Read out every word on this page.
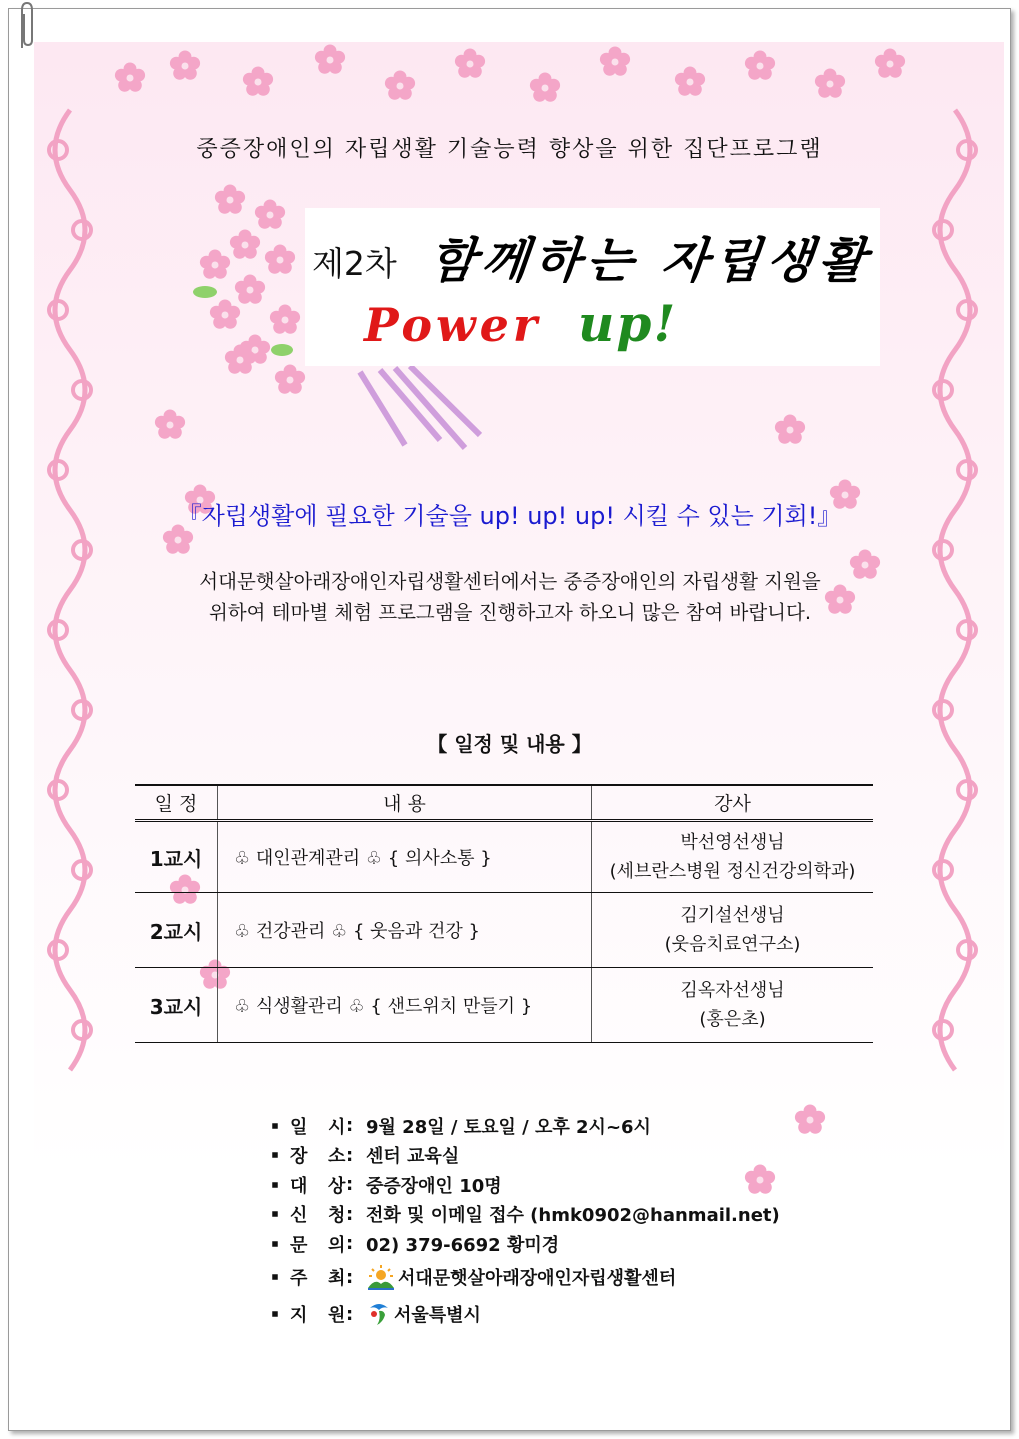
중증장애인의 자립생활 기술능력 향상을 위한 집단프로그램
제2차 함께하는 자립생활
Power up!
『자립생활에 필요한 기술을 up! up! up! 시킬 수 있는 기회!』
서대문햇살아래장애인자립생활센터에서는 중증장애인의 자립생활 지원을
위하여 테마별 체험 프로그램을 진행하고자 하오니 많은 참여 바랍니다.
【 일정 및 내용 】
일 정	내 용	강사
1교시	♧ 대인관계관리 ♧ { 의사소통 }	박선영선생님
(세브란스병원 정신건강의학과)

2교시	♧ 건강관리 ♧ { 웃음과 건강 }	김기설선생님
(웃음치료연구소)

3교시	♧ 식생활관리 ♧ { 샌드위치 만들기 }	김옥자선생님
(홍은초)
일 시 : 9월 28일 / 토요일 / 오후 2시~6시
장 소 : 센터 교육실
대 상 : 중증장애인 10명
신 청 : 전화 및 이메일 접수 (hmk0902@hanmail.net)
문 의 : 02) 379-6692 황미경
주 최 :	서대문햇살아래장애인자립생활센터
지 원 :	서울특별시
